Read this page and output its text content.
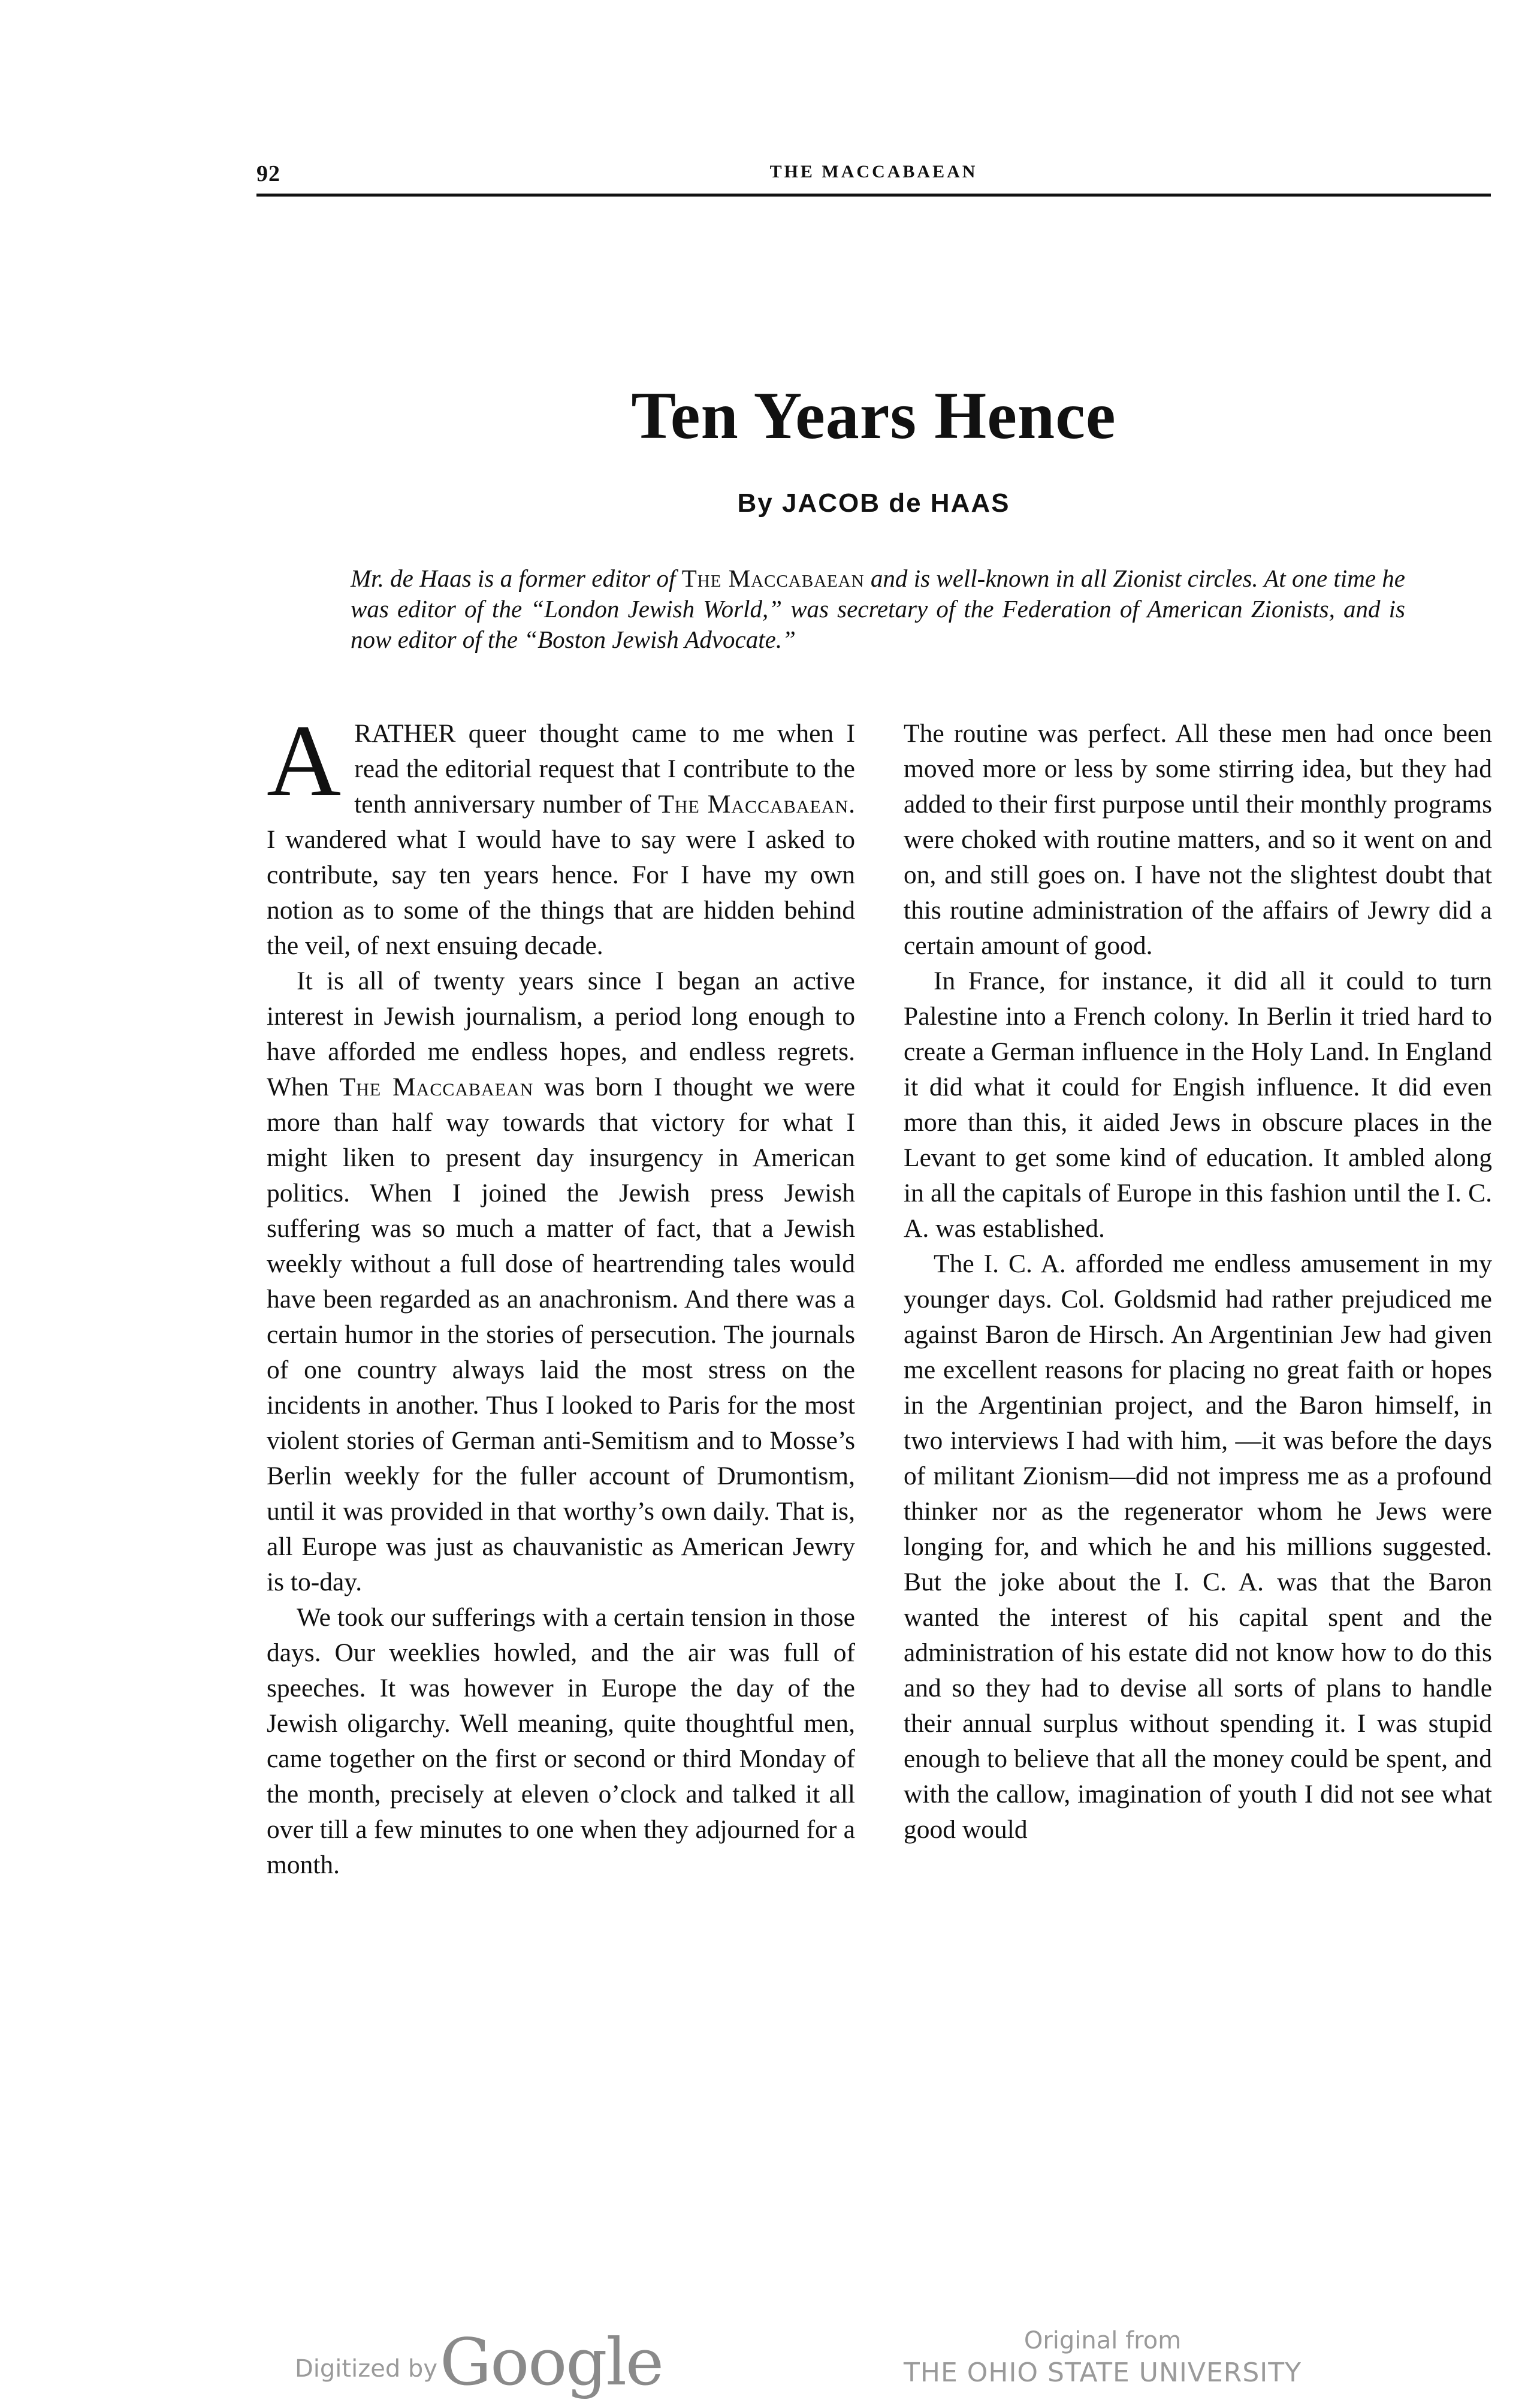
92	THE MACCABAEAN
Ten Years Hence
By JACOB de HAAS
Mr. de Haas is a former editor of The Maccabaean and is well-known in all Zionist circles. At one time he was editor of the “London Jewish World,” was secretary of the Federation of American Zionists, and is now editor of the “Boston Jewish Advocate.”

ARATHER queer thought came to me when I read the editorial request that I contribute to the tenth anniversary number of The Maccabaean. I wandered what I would have to say were I asked to contribute, say ten years hence. For I have my own notion as to some of the things that are hidden behind the veil, of next ensuing decade.

It is all of twenty years since I began an active interest in Jewish journalism, a period long enough to have afforded me endless hopes, and endless regrets. When The Maccabaean was born I thought we were more than half way towards that victory for what I might liken to present day insurgency in American politics. When I joined the Jewish press Jewish suffering was so much a matter of fact, that a Jewish weekly without a full dose of heartrending tales would have been regarded as an anachronism. And there was a certain humor in the stories of persecution. The journals of one country always laid the most stress on the incidents in another. Thus I looked to Paris for the most violent stories of German anti-Semitism and to Mosse’s Berlin weekly for the fuller account of Drumontism, until it was provided in that worthy’s own daily. That is, all Europe was just as chauvanistic as American Jewry is to-day.

We took our sufferings with a certain tension in those days. Our weeklies howled, and the air was full of speeches. It was however in Europe the day of the Jewish oligarchy. Well meaning, quite thoughtful men, came together on the first or second or third Monday of the month, precisely at eleven o’clock and talked it all over till a few minutes to one when they adjourned for a month.

The routine was perfect. All these men had once been moved more or less by some stirring idea, but they had added to their first purpose until their monthly programs were choked with routine matters, and so it went on and on, and still goes on. I have not the slightest doubt that this routine administration of the affairs of Jewry did a certain amount of good.

In France, for instance, it did all it could to turn Palestine into a French colony. In Berlin it tried hard to create a German influence in the Holy Land. In England it did what it could for Engish influence. It did even more than this, it aided Jews in obscure places in the Levant to get some kind of education. It ambled along in all the capitals of Europe in this fashion until the I. C. A. was established.

The I. C. A. afforded me endless amusement in my younger days. Col. Goldsmid had rather prejudiced me against Baron de Hirsch. An Argentinian Jew had given me excellent reasons for placing no great faith or hopes in the Argentinian project, and the Baron himself, in two interviews I had with him, —it was before the days of militant Zionism—did not impress me as a profound thinker nor as the regenerator whom he Jews were longing for, and which he and his millions suggested. But the joke about the I. C. A. was that the Baron wanted the interest of his capital spent and the administration of his estate did not know how to do this and so they had to devise all sorts of plans to handle their annual surplus without spending it. I was stupid enough to believe that all the money could be spent, and with the callow, imagination of youth I did not see what good would

Digitized by Google	Original from
THE OHIO STATE UNIVERSITY
